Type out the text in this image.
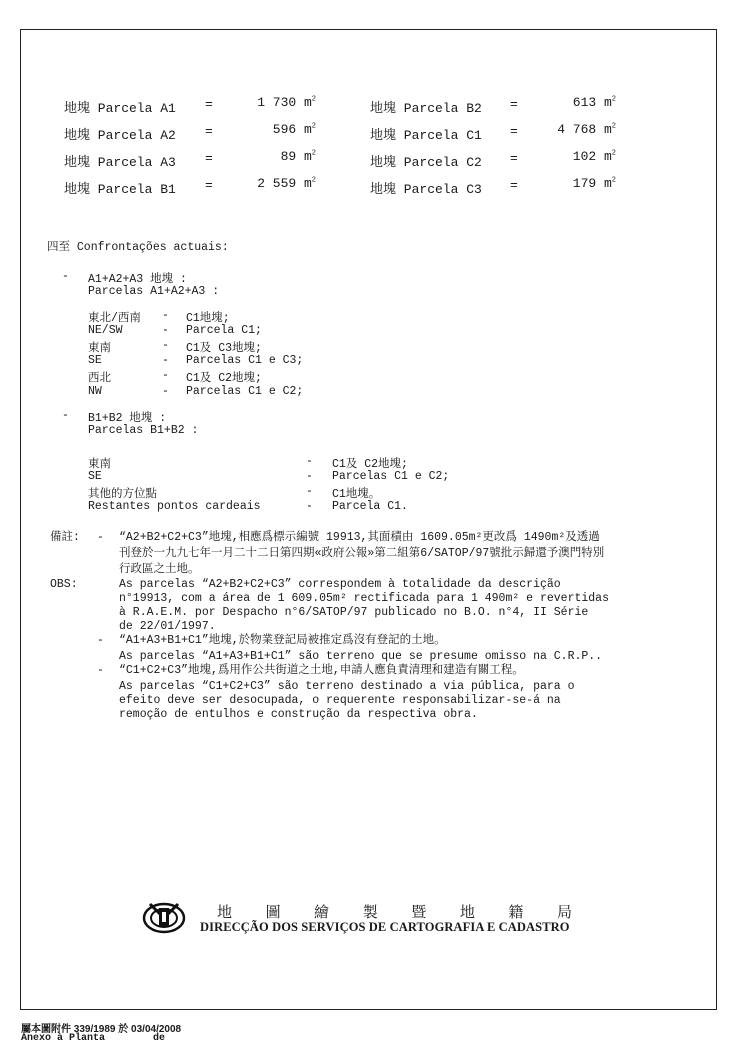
地塊 Parcela A1 =	1 730 $m^2$
地塊 Parcela B2 =	613 $m^2$
地塊 Parcela A2 =	596 $m^2$
地塊 Parcela C1 =	4 768 $m^2$
地塊 Parcela A3 =	89 $m^2$
地塊 Parcela C2 =	102 $m^2$
地塊 Parcela B1 =	2 559 $m^2$
地塊 Parcela C3 =	179 $m^2$
四至 Confrontações actuais:
- A1+A2+A3 地塊 :
Parcelas A1+A2+A3 :
東北/西南 - C1地塊;
NE/SW	- Parcela C1;
東南	- C1及 C3地塊;
SE	- Parcelas C1 e C3;
西北	- C1及 C2地塊;
NW	- Parcelas C1 e C2;
- B1+B2 地塊 :
Parcelas B1+B2 :
東南	- C1及 C2地塊;
SE	- Parcelas C1 e C2;
其他的方位點	- C1地塊。
Restantes pontos cardeais	- Parcela C1.
備註: - “A2+B2+C2+C3”地塊,相應爲標示編號 19913,其面積由 1609.05m²更改爲 1490m²及透過
刊登於一九九七年一月二十二日第四期«政府公報»第二組第6/SATOP/97號批示歸還予澳門特別
行政區之土地。
OBS:	As parcelas “A2+B2+C2+C3” correspondem à totalidade da descrição
n°19913, com a área de 1 609.05m² rectificada para 1 490m² e revertidas
à R.A.E.M. por Despacho n°6/SATOP/97 publicado no B.O. n°4, II Série
de 22/01/1997.
- “A1+A3+B1+C1”地塊,於物業登記局被推定爲沒有登記的土地。
As parcelas “A1+A3+B1+C1” são terreno que se presume omisso na C.R.P..
- “C1+C2+C3”地塊,爲用作公共街道之土地,申請人應負責清理和建造有關工程。
As parcelas “C1+C2+C3” são terreno destinado a via pública, para o
efeito deve ser desocupada, o requerente responsabilizar-se-á na
remoção de entulhos e construção da respectiva obra.
地 圖 繪 製 暨 地 籍 局
DIRECÇÃO DOS SERVIÇOS DE CARTOGRAFIA E CADASTRO
屬本圖附件 339/1989 於 03/04/2008
Anexo à Planta        de
